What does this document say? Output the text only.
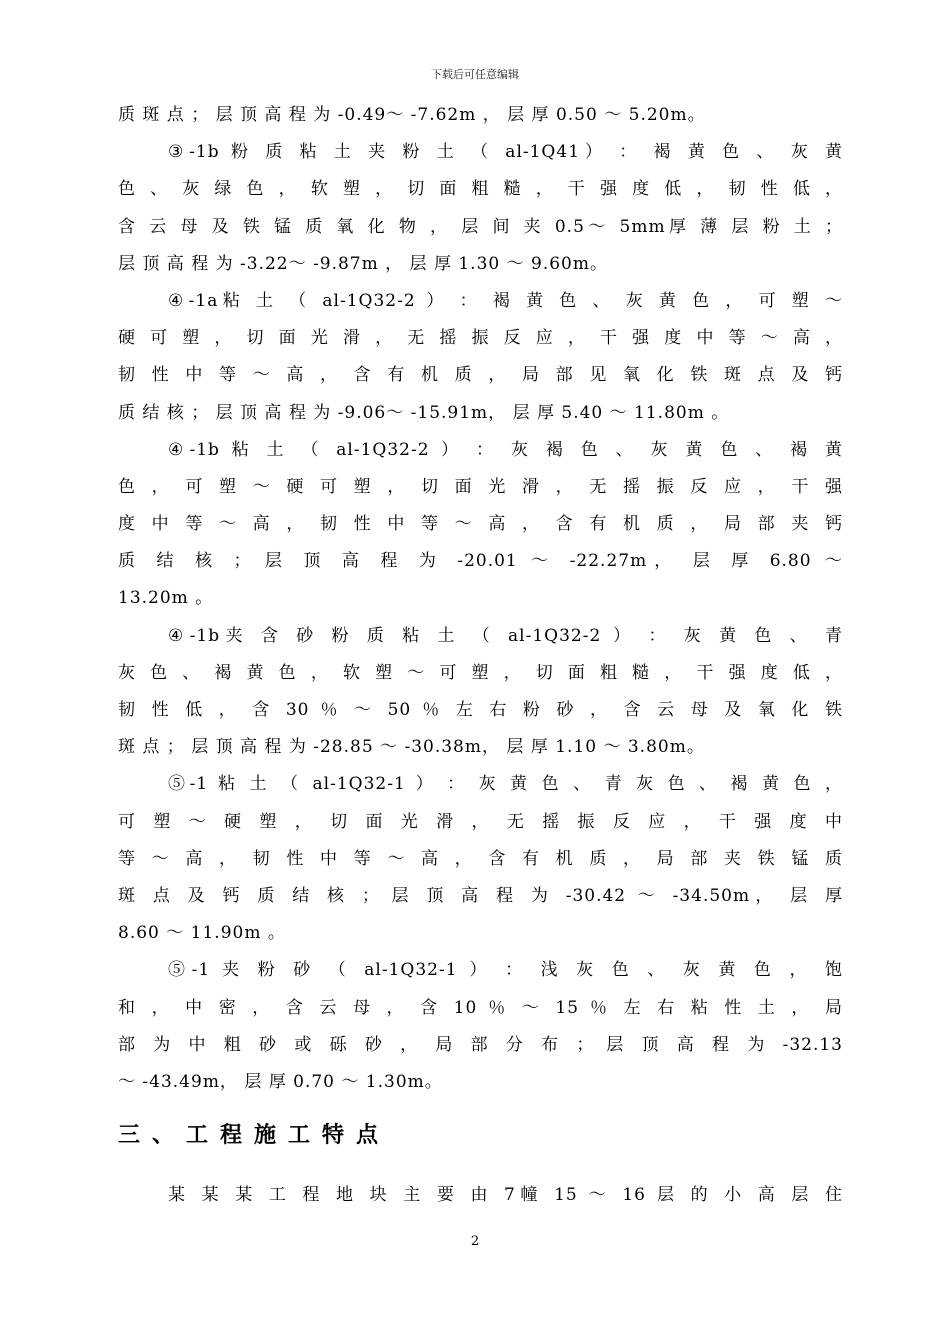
下载后可任意编辑
质 斑 点 ； 层 顶 高 程 为 -0.49～ -7.62m ， 层 厚 0.50 ～ 5.20m。
③-1b 粉 质 粘 土 夹 粉 土 （ al-1Q41） ： 褐 黄 色 、 灰 黄
色 、 灰 绿 色 ， 软 塑 ， 切 面 粗 糙 ， 干 强 度 低 ， 韧 性 低 ，
含 云 母 及 铁 锰 质 氧 化 物 ， 层 间 夹 0.5～ 5mm厚 薄 层 粉 土 ；
层 顶 高 程 为 -3.22～ -9.87m ， 层 厚 1.30 ～ 9.60m。
④-1a粘 土 （ al-1Q32-2 ） ： 褐 黄 色 、 灰 黄 色 ， 可 塑 ～
硬 可 塑 ， 切 面 光 滑 ， 无 摇 振 反 应 ， 干 强 度 中 等 ～ 高 ，
韧 性 中 等 ～ 高 ， 含 有 机 质 ， 局 部 见 氧 化 铁 斑 点 及 钙
质 结 核 ； 层 顶 高 程 为 -9.06～ -15.91m， 层 厚 5.40 ～ 11.80m 。
④-1b 粘 土 （ al-1Q32-2 ） ： 灰 褐 色 、 灰 黄 色 、 褐 黄
色 ， 可 塑 ～ 硬 可 塑 ， 切 面 光 滑 ， 无 摇 振 反 应 ， 干 强
度 中 等 ～ 高 ， 韧 性 中 等 ～ 高 ， 含 有 机 质 ， 局 部 夹 钙
质 结 核 ； 层 顶 高 程 为 -20.01 ～ -22.27m， 层 厚 6.80 ～
13.20m 。
④-1b夹 含 砂 粉 质 粘 土 （ al-1Q32-2 ） ： 灰 黄 色 、 青
灰 色 、 褐 黄 色 ， 软 塑 ～ 可 塑 ， 切 面 粗 糙 ， 干 强 度 低 ，
韧 性 低 ， 含 30 ％ ～ 50 ％ 左 右 粉 砂 ， 含 云 母 及 氧 化 铁
斑 点 ； 层 顶 高 程 为 -28.85 ～ -30.38m， 层 厚 1.10 ～ 3.80m。
⑤-1 粘 土 （ al-1Q32-1 ） ： 灰 黄 色 、 青 灰 色 、 褐 黄 色 ，
可 塑 ～ 硬 塑 ， 切 面 光 滑 ， 无 摇 振 反 应 ， 干 强 度 中
等 ～ 高 ， 韧 性 中 等 ～ 高 ， 含 有 机 质 ， 局 部 夹 铁 锰 质
斑 点 及 钙 质 结 核 ； 层 顶 高 程 为 -30.42 ～ -34.50m， 层 厚
8.60 ～ 11.90m 。
⑤-1 夹 粉 砂 （ al-1Q32-1 ） ： 浅 灰 色 、 灰 黄 色 ， 饱
和 ， 中 密 ， 含 云 母 ， 含 10 ％ ～ 15 ％ 左 右 粘 性 土 ， 局
部 为 中 粗 砂 或 砾 砂 ， 局 部 分 布 ； 层 顶 高 程 为 -32.13
～ -43.49m， 层 厚 0.70 ～ 1.30m。
三、工程施工特点
某 某 某 工 程 地 块 主 要 由 7幢 15 ～ 16 层 的 小 高 层 住
2
